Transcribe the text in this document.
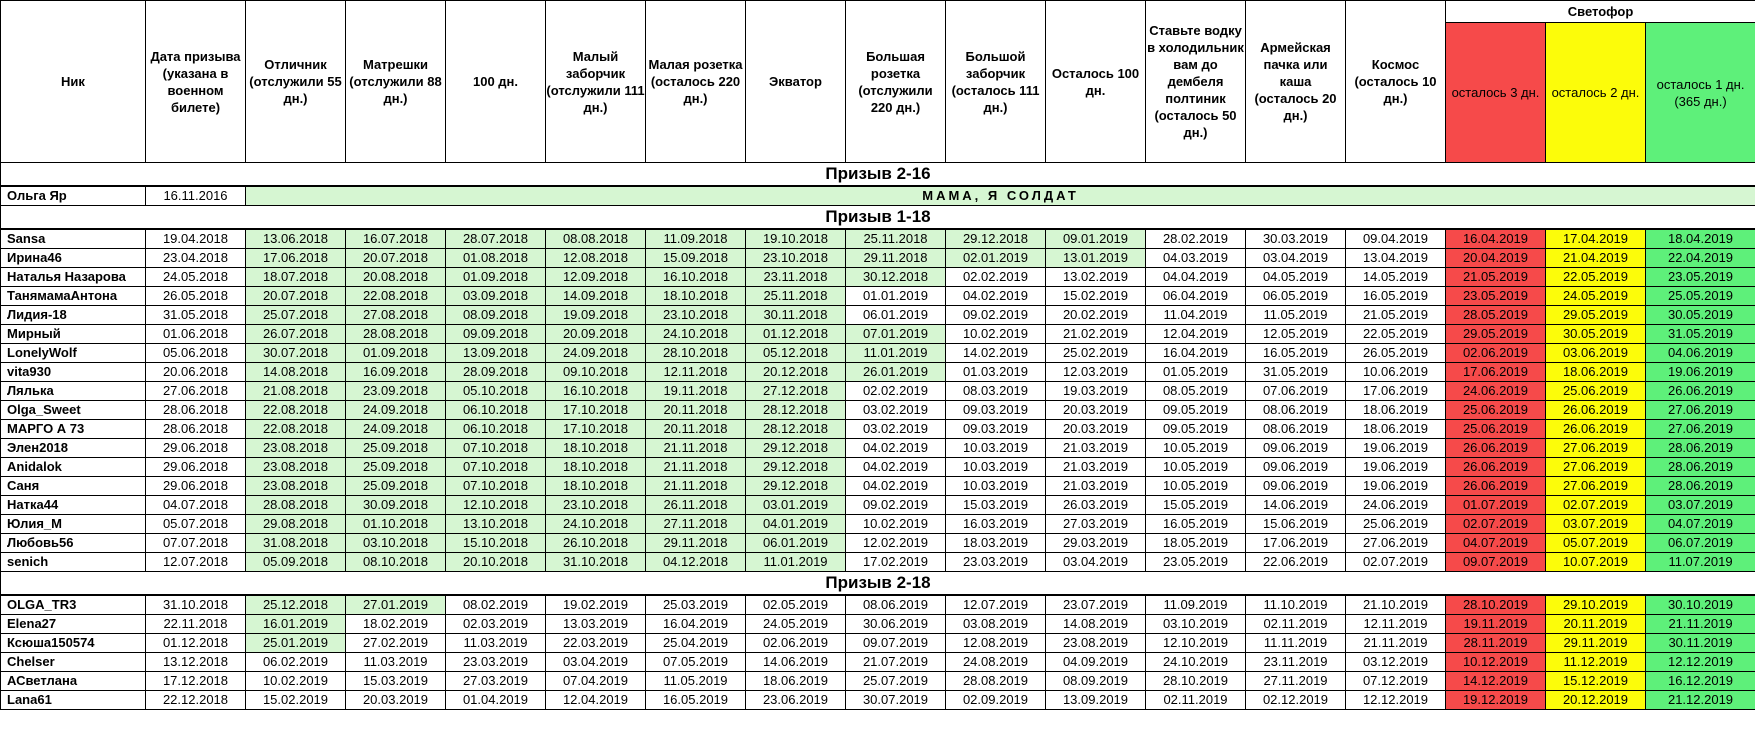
Ник	Дата призыва (указана в военном билете)	Отличник (отслужили 55 дн.)	Матрешки (отслужили 88 дн.)	100 дн.	Малый заборчик (отслужили 111 дн.)	Малая розетка (осталось 220 дн.)	Экватор	Большая розетка (отслужили 220 дн.)	Большой заборчик (осталось 111 дн.)	Осталось 100 дн.	Ставьте водку в холодильник вам до дембеля полтиник (осталось 50 дн.)	Армейская пачка или каша (осталось 20 дн.)	Космос (осталось 10 дн.)	Светофор		
														осталось 3 дн.	осталось 2 дн.	осталось 1 дн. (365 дн.)
Призыв 2-16																
Ольга Яр	16.11.2016	МАМА, Я СОЛДАТ														
Призыв 1-18																
Sansa	19.04.2018	13.06.2018	16.07.2018	28.07.2018	08.08.2018	11.09.2018	19.10.2018	25.11.2018	29.12.2018	09.01.2019	28.02.2019	30.03.2019	09.04.2019	16.04.2019	17.04.2019	18.04.2019
Ирина46	23.04.2018	17.06.2018	20.07.2018	01.08.2018	12.08.2018	15.09.2018	23.10.2018	29.11.2018	02.01.2019	13.01.2019	04.03.2019	03.04.2019	13.04.2019	20.04.2019	21.04.2019	22.04.2019
Наталья Назарова	24.05.2018	18.07.2018	20.08.2018	01.09.2018	12.09.2018	16.10.2018	23.11.2018	30.12.2018	02.02.2019	13.02.2019	04.04.2019	04.05.2019	14.05.2019	21.05.2019	22.05.2019	23.05.2019
ТанямамаАнтона	26.05.2018	20.07.2018	22.08.2018	03.09.2018	14.09.2018	18.10.2018	25.11.2018	01.01.2019	04.02.2019	15.02.2019	06.04.2019	06.05.2019	16.05.2019	23.05.2019	24.05.2019	25.05.2019
Лидия-18	31.05.2018	25.07.2018	27.08.2018	08.09.2018	19.09.2018	23.10.2018	30.11.2018	06.01.2019	09.02.2019	20.02.2019	11.04.2019	11.05.2019	21.05.2019	28.05.2019	29.05.2019	30.05.2019
Мирный	01.06.2018	26.07.2018	28.08.2018	09.09.2018	20.09.2018	24.10.2018	01.12.2018	07.01.2019	10.02.2019	21.02.2019	12.04.2019	12.05.2019	22.05.2019	29.05.2019	30.05.2019	31.05.2019
LonelyWolf	05.06.2018	30.07.2018	01.09.2018	13.09.2018	24.09.2018	28.10.2018	05.12.2018	11.01.2019	14.02.2019	25.02.2019	16.04.2019	16.05.2019	26.05.2019	02.06.2019	03.06.2019	04.06.2019
vita930	20.06.2018	14.08.2018	16.09.2018	28.09.2018	09.10.2018	12.11.2018	20.12.2018	26.01.2019	01.03.2019	12.03.2019	01.05.2019	31.05.2019	10.06.2019	17.06.2019	18.06.2019	19.06.2019
Лялька	27.06.2018	21.08.2018	23.09.2018	05.10.2018	16.10.2018	19.11.2018	27.12.2018	02.02.2019	08.03.2019	19.03.2019	08.05.2019	07.06.2019	17.06.2019	24.06.2019	25.06.2019	26.06.2019
Olga_Sweet	28.06.2018	22.08.2018	24.09.2018	06.10.2018	17.10.2018	20.11.2018	28.12.2018	03.02.2019	09.03.2019	20.03.2019	09.05.2019	08.06.2019	18.06.2019	25.06.2019	26.06.2019	27.06.2019
МАРГО А 73	28.06.2018	22.08.2018	24.09.2018	06.10.2018	17.10.2018	20.11.2018	28.12.2018	03.02.2019	09.03.2019	20.03.2019	09.05.2019	08.06.2019	18.06.2019	25.06.2019	26.06.2019	27.06.2019
Элен2018	29.06.2018	23.08.2018	25.09.2018	07.10.2018	18.10.2018	21.11.2018	29.12.2018	04.02.2019	10.03.2019	21.03.2019	10.05.2019	09.06.2019	19.06.2019	26.06.2019	27.06.2019	28.06.2019
Anidalok	29.06.2018	23.08.2018	25.09.2018	07.10.2018	18.10.2018	21.11.2018	29.12.2018	04.02.2019	10.03.2019	21.03.2019	10.05.2019	09.06.2019	19.06.2019	26.06.2019	27.06.2019	28.06.2019
Саня	29.06.2018	23.08.2018	25.09.2018	07.10.2018	18.10.2018	21.11.2018	29.12.2018	04.02.2019	10.03.2019	21.03.2019	10.05.2019	09.06.2019	19.06.2019	26.06.2019	27.06.2019	28.06.2019
Натка44	04.07.2018	28.08.2018	30.09.2018	12.10.2018	23.10.2018	26.11.2018	03.01.2019	09.02.2019	15.03.2019	26.03.2019	15.05.2019	14.06.2019	24.06.2019	01.07.2019	02.07.2019	03.07.2019
Юлия_М	05.07.2018	29.08.2018	01.10.2018	13.10.2018	24.10.2018	27.11.2018	04.01.2019	10.02.2019	16.03.2019	27.03.2019	16.05.2019	15.06.2019	25.06.2019	02.07.2019	03.07.2019	04.07.2019
Любовь56	07.07.2018	31.08.2018	03.10.2018	15.10.2018	26.10.2018	29.11.2018	06.01.2019	12.02.2019	18.03.2019	29.03.2019	18.05.2019	17.06.2019	27.06.2019	04.07.2019	05.07.2019	06.07.2019
senich	12.07.2018	05.09.2018	08.10.2018	20.10.2018	31.10.2018	04.12.2018	11.01.2019	17.02.2019	23.03.2019	03.04.2019	23.05.2019	22.06.2019	02.07.2019	09.07.2019	10.07.2019	11.07.2019
Призыв 2-18																
OLGA_TR3	31.10.2018	25.12.2018	27.01.2019	08.02.2019	19.02.2019	25.03.2019	02.05.2019	08.06.2019	12.07.2019	23.07.2019	11.09.2019	11.10.2019	21.10.2019	28.10.2019	29.10.2019	30.10.2019
Elena27	22.11.2018	16.01.2019	18.02.2019	02.03.2019	13.03.2019	16.04.2019	24.05.2019	30.06.2019	03.08.2019	14.08.2019	03.10.2019	02.11.2019	12.11.2019	19.11.2019	20.11.2019	21.11.2019
Ксюша150574	01.12.2018	25.01.2019	27.02.2019	11.03.2019	22.03.2019	25.04.2019	02.06.2019	09.07.2019	12.08.2019	23.08.2019	12.10.2019	11.11.2019	21.11.2019	28.11.2019	29.11.2019	30.11.2019
Chelser	13.12.2018	06.02.2019	11.03.2019	23.03.2019	03.04.2019	07.05.2019	14.06.2019	21.07.2019	24.08.2019	04.09.2019	24.10.2019	23.11.2019	03.12.2019	10.12.2019	11.12.2019	12.12.2019
АСветлана	17.12.2018	10.02.2019	15.03.2019	27.03.2019	07.04.2019	11.05.2019	18.06.2019	25.07.2019	28.08.2019	08.09.2019	28.10.2019	27.11.2019	07.12.2019	14.12.2019	15.12.2019	16.12.2019
Lana61	22.12.2018	15.02.2019	20.03.2019	01.04.2019	12.04.2019	16.05.2019	23.06.2019	30.07.2019	02.09.2019	13.09.2019	02.11.2019	02.12.2019	12.12.2019	19.12.2019	20.12.2019	21.12.2019
